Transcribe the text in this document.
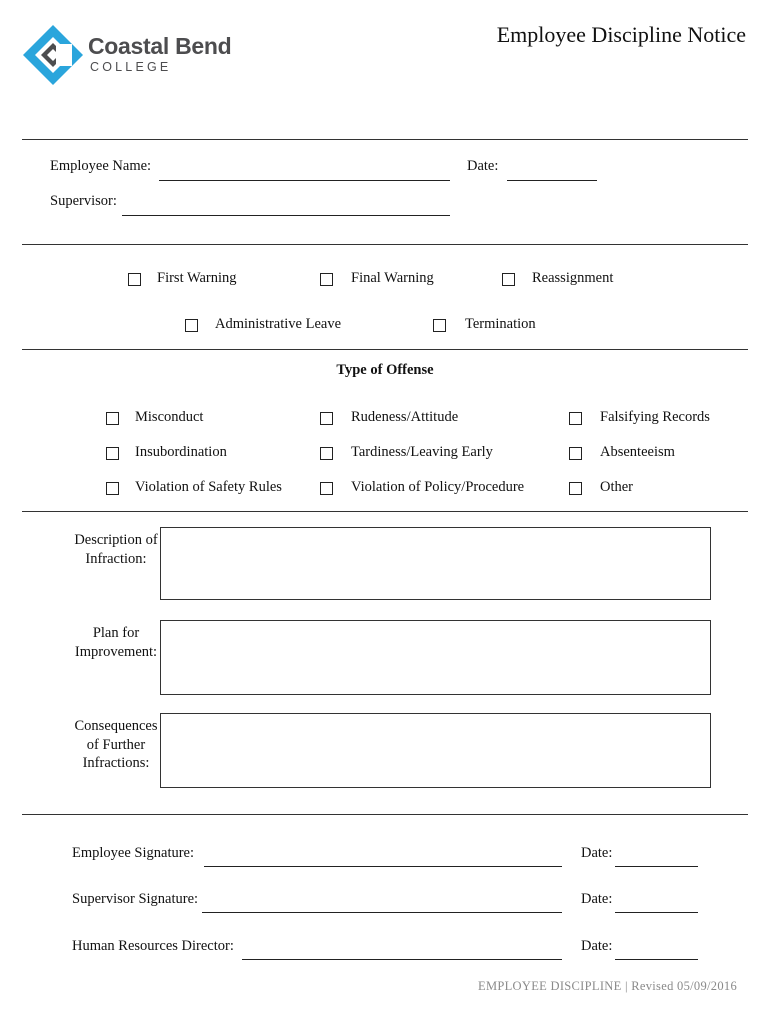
Coastal Bend
COLLEGE
Employee Discipline Notice
Employee Name:	Date:
Supervisor:
First Warning	Final Warning	Reassignment
Administrative Leave	Termination
Type of Offense
Misconduct	Rudeness/Attitude	Falsifying Records
Insubordination	Tardiness/Leaving Early	Absenteeism
Violation of Safety Rules	Violation of Policy/Procedure	Other
Description of
Infraction:
Plan for
Improvement:
Consequences
of Further
Infractions:
Employee Signature:	Date:
Supervisor Signature:	Date:
Human Resources Director:	Date:
EMPLOYEE DISCIPLINE | Revised 05/09/2016
